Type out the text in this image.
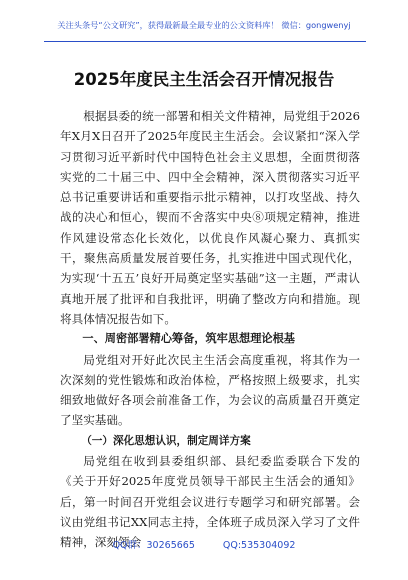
关注头条号“公文研究”，获得最新最全最专业的公文资料库！ 微信：gongwenyj
2025年度民主生活会召开情况报告

根据县委的统一部署和相关文件精神，局党组于2026年X月X日召开了2025年度民主生活会。会议紧扣“深入学习贯彻习近平新时代中国特色社会主义思想，全面贯彻落实党的二十届三中、四中全会精神，深入贯彻落实习近平总书记重要讲话和重要指示批示精神，以打攻坚战、持久战的决心和恒心，锲而不舍落实中央⑧项规定精神，推进作风建设常态化长效化，以优良作风凝心聚力、真抓实干，聚焦高质量发展首要任务，扎实推进中国式现代化，为实现‘十五五’良好开局奠定坚实基础”这一主题，严肃认真地开展了批评和自我批评，明确了整改方向和措施。现将具体情况报告如下。

一、周密部署精心筹备，筑牢思想理论根基

局党组对开好此次民主生活会高度重视，将其作为一次深刻的党性锻炼和政治体检，严格按照上级要求，扎实细致地做好各项会前准备工作，为会议的高质量召开奠定了坚实基础。

（一）深化思想认识，制定周详方案

局党组在收到县委组织部、县纪委监委联合下发的《关于开好2025年度党员领导干部民主生活会的通知》后，第一时间召开党组会议进行专题学习和研究部署。会议由党组书记XX同志主持，全体班子成员深入学习了文件精神，深刻领会

QQ群：30265665	QQ:535304092
